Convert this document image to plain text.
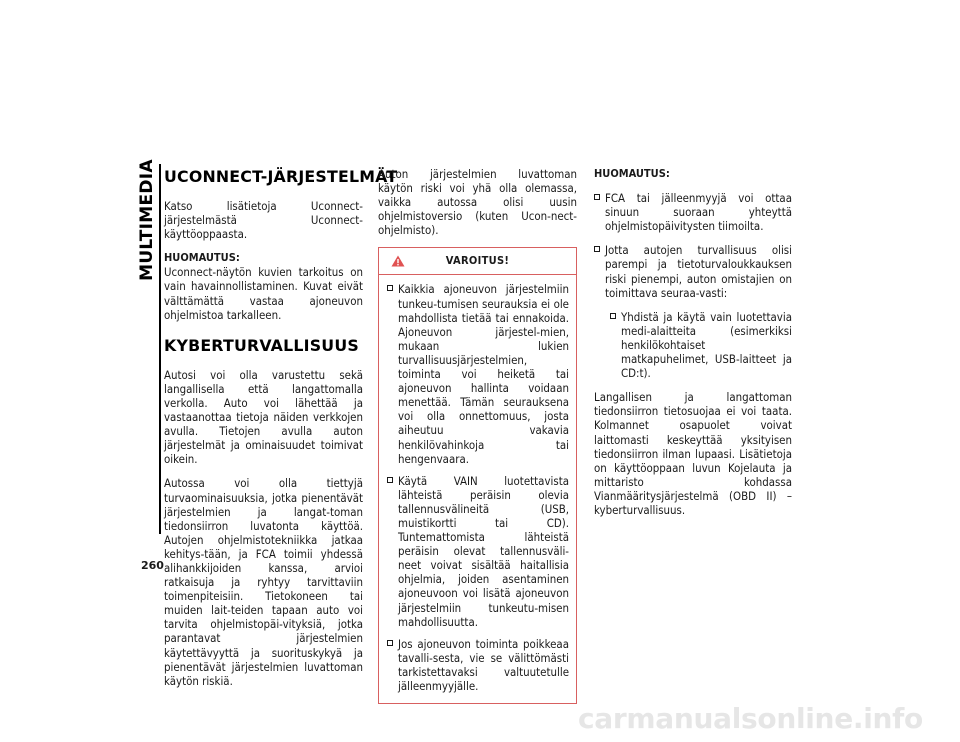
MULTIMEDIA
260
UCONNECT-JÄRJESTELMÄT

Katso lisätietoja Uconnect-järjestelmästä Uconnect-käyttöoppaasta.

HUOMAUTUS:

Uconnect-näytön kuvien tarkoitus on vain havainnollistaminen. Kuvat eivät välttämättä vastaa ajoneuvon ohjelmistoa tarkalleen.

KYBERTURVALLISUUS

Autosi voi olla varustettu sekä langallisella että langattomalla verkolla. Auto voi lähettää ja vastaanottaa tietoja näiden verkkojen avulla. Tietojen avulla auton järjestelmät ja ominaisuudet toimivat oikein.

Autossa voi olla tiettyjä turvaominaisuuksia, jotka pienentävät järjestelmien ja langat-toman tiedonsiirron luvatonta käyttöä. Autojen ohjelmistotekniikka jatkaa kehitys-tään, ja FCA toimii yhdessä alihankkijoiden kanssa, arvioi ratkaisuja ja ryhtyy tarvittaviin toimenpiteisiin. Tietokoneen tai muiden lait-teiden tapaan auto voi tarvita ohjelmistopäi-vityksiä, jotka parantavat järjestelmien käytettävyyttä ja suorituskykyä ja pienentävät järjestelmien luvattoman käytön riskiä.

Auton järjestelmien luvattoman käytön riski voi yhä olla olemassa, vaikka autossa olisi uusin ohjelmistoversio (kuten Ucon-nect-ohjelmisto).

VAROITUS!
Kaikkia ajoneuvon järjestelmiin tunkeu-tumisen seurauksia ei ole mahdollista tietää tai ennakoida. Ajoneuvon järjestel-mien, mukaan lukien turvallisuusjärjestelmien, toiminta voi heiketä tai ajoneuvon hallinta voidaan menettää. Tämän seurauksena voi olla onnettomuus, josta aiheutuu vakavia henkilövahinkoja tai hengenvaara.
Käytä VAIN luotettavista lähteistä peräisin olevia tallennusvälineitä (USB, muistikortti tai CD). Tuntemattomista lähteistä peräisin olevat tallennusväli-neet voivat sisältää haitallisia ohjelmia, joiden asentaminen ajoneuvoon voi lisätä ajoneuvon järjestelmiin tunkeutu-misen mahdollisuutta.
Jos ajoneuvon toiminta poikkeaa tavalli-sesta, vie se välittömästi tarkistettavaksi valtuutetulle jälleenmyyjälle.
HUOMAUTUS:
FCA tai jälleenmyyjä voi ottaa sinuun suoraan yhteyttä ohjelmistopäivitysten tiimoilta.
Jotta autojen turvallisuus olisi parempi ja tietoturvaloukkauksen riski pienempi, auton omistajien on toimittava seuraa-vasti:
Yhdistä ja käytä vain luotettavia medi-alaitteita (esimerkiksi henkilökohtaiset matkapuhelimet, USB-laitteet ja CD:t).

Langallisen ja langattoman tiedonsiirron tietosuojaa ei voi taata. Kolmannet osapuolet voivat laittomasti keskeyttää yksityisen tiedonsiirron ilman lupaasi. Lisätietoja on käyttöoppaan luvun Kojelauta ja mittaristo kohdassa Vianmääritysjärjestelmä (OBD II) – kyberturvallisuus.

carmanualsonline.info
